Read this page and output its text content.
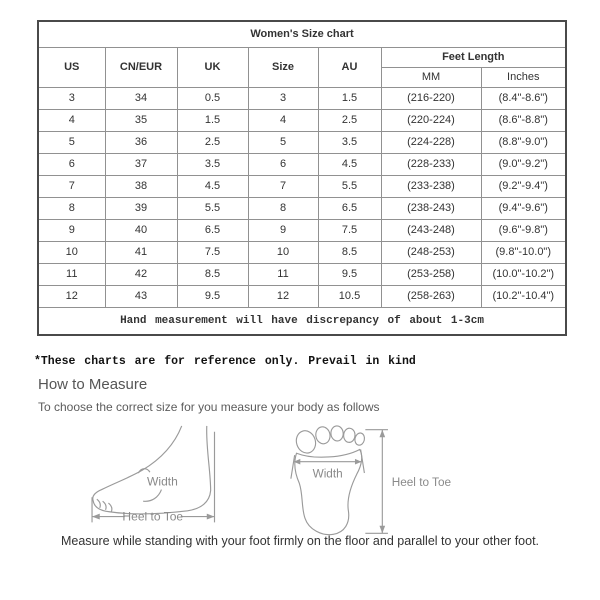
Women's Size chart						
US	CN/EUR	UK	Size	AU	Feet Length	
					MM	Inches
3	34	0.5	3	1.5	(216-220)	(8.4"-8.6")
4	35	1.5	4	2.5	(220-224)	(8.6"-8.8")
5	36	2.5	5	3.5	(224-228)	(8.8"-9.0")
6	37	3.5	6	4.5	(228-233)	(9.0"-9.2")
7	38	4.5	7	5.5	(233-238)	(9.2"-9.4")
8	39	5.5	8	6.5	(238-243)	(9.4"-9.6")
9	40	6.5	9	7.5	(243-248)	(9.6"-9.8")
10	41	7.5	10	8.5	(248-253)	(9.8"-10.0")
11	42	8.5	11	9.5	(253-258)	(10.0"-10.2")
12	43	9.5	12	10.5	(258-263)	(10.2"-10.4")
Hand measurement will have discrepancy of about 1-3cm						
*These charts are for reference only. Prevail in kind
How to Measure
To choose the correct size for you measure your body as follows
Width
Heel to Toe
Width
Heel to Toe
Measure while standing with your foot firmly on the floor and parallel to your other foot.
